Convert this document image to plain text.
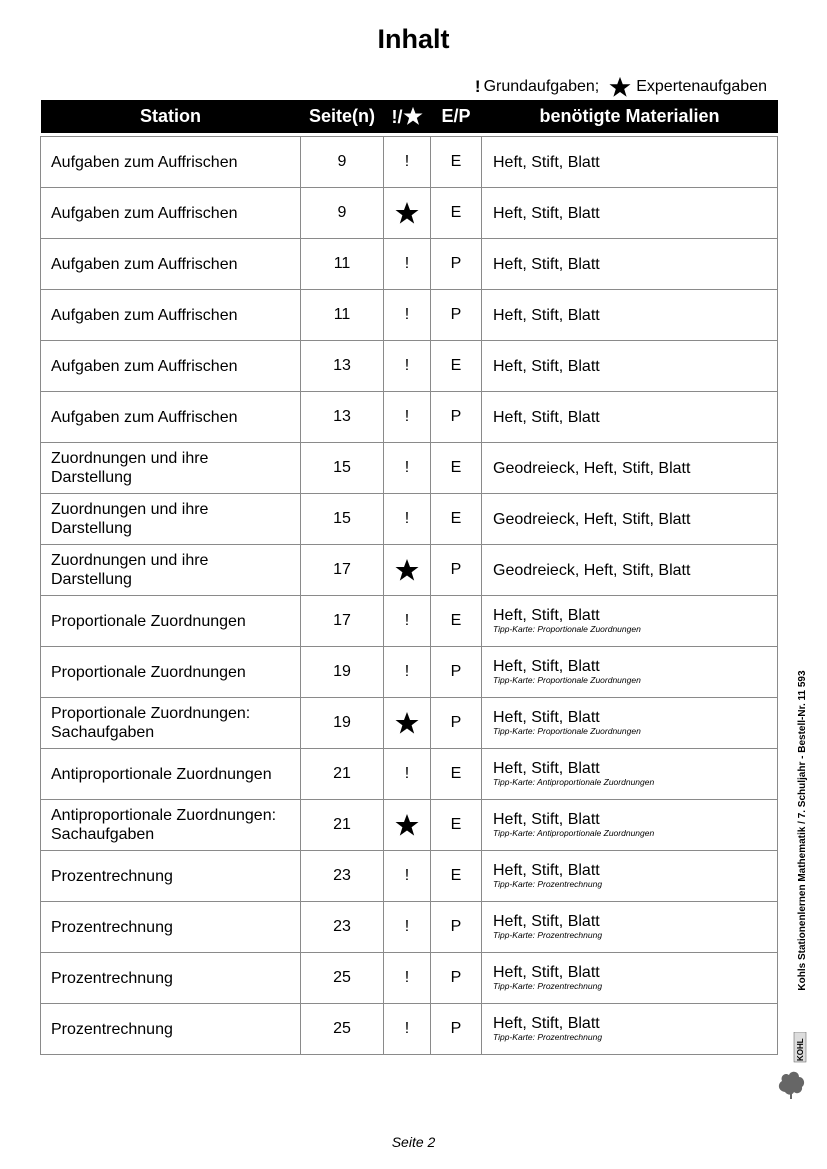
Inhalt
! Grundaufgaben; Expertenaufgaben
Station	Seite(n)	!/	E/P	benötigte Materialien

Aufgaben zum Auffrischen	9	!	E	Heft, Stift, Blatt

Aufgaben zum Auffrischen	9		E	Heft, Stift, Blatt

Aufgaben zum Auffrischen	11	!	P	Heft, Stift, Blatt

Aufgaben zum Auffrischen	11	!	P	Heft, Stift, Blatt

Aufgaben zum Auffrischen	13	!	E	Heft, Stift, Blatt

Aufgaben zum Auffrischen	13	!	P	Heft, Stift, Blatt

Zuordnungen und ihre
Darstellung	15	!	E	Geodreieck, Heft, Stift, Blatt

Zuordnungen und ihre
Darstellung	15	!	E	Geodreieck, Heft, Stift, Blatt

Zuordnungen und ihre
Darstellung	17		P	Geodreieck, Heft, Stift, Blatt

Proportionale Zuordnungen	17	!	E	Heft, Stift, Blatt
Tipp-Karte: Proportionale Zuordnungen

Proportionale Zuordnungen	19	!	P	Heft, Stift, Blatt
Tipp-Karte: Proportionale Zuordnungen

Proportionale Zuordnungen:
Sachaufgaben	19		P	Heft, Stift, Blatt
Tipp-Karte: Proportionale Zuordnungen

Antiproportionale Zuordnungen	21	!	E	Heft, Stift, Blatt
Tipp-Karte: Antiproportionale Zuordnungen

Antiproportionale Zuordnungen:
Sachaufgaben	21		E	Heft, Stift, Blatt
Tipp-Karte: Antiproportionale Zuordnungen

Prozentrechnung	23	!	E	Heft, Stift, Blatt
Tipp-Karte: Prozentrechnung

Prozentrechnung	23	!	P	Heft, Stift, Blatt
Tipp-Karte: Prozentrechnung

Prozentrechnung	25	!	P	Heft, Stift, Blatt
Tipp-Karte: Prozentrechnung

Prozentrechnung	25	!	P	Heft, Stift, Blatt
Tipp-Karte: Prozentrechnung
Kohls Stationenlernen Mathematik / 7. Schuljahr - Bestell-Nr. 11 593
KOHL
Seite 2
